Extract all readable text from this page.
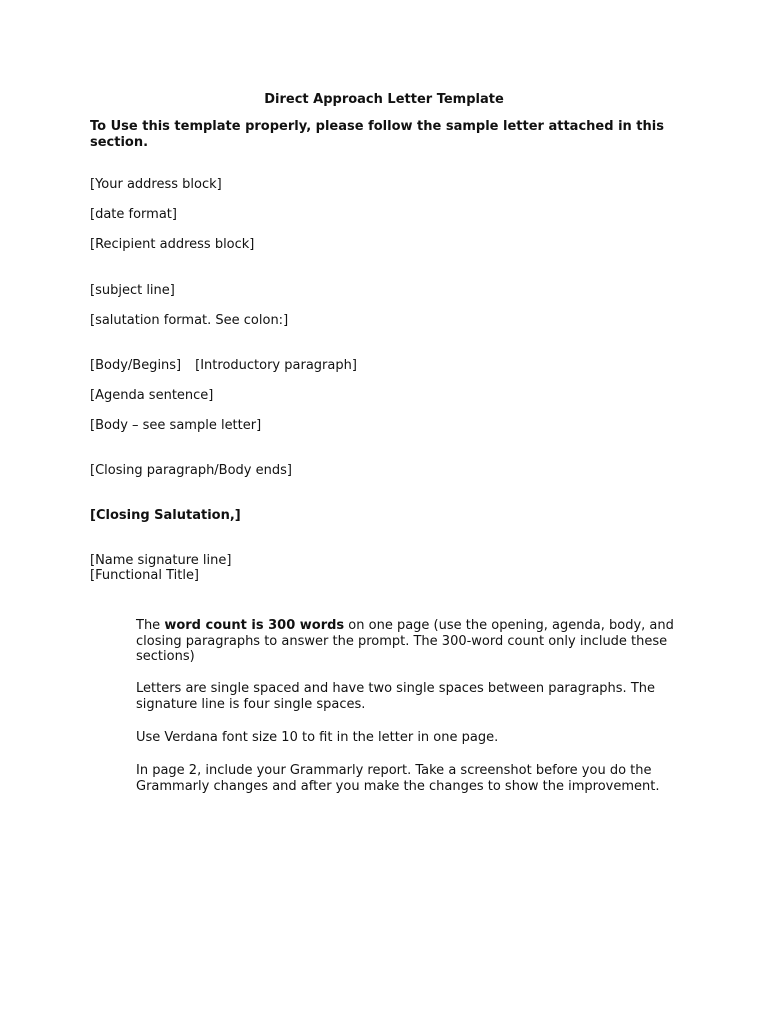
Direct Approach Letter Template
To Use this template properly, please follow the sample letter attached in this section.
[Your address block]
[date format]
[Recipient address block]
[subject line]
[salutation format. See colon:]
[Body/Begins] [Introductory paragraph]
[Agenda sentence]
[Body – see sample letter]
[Closing paragraph/Body ends]
[Closing Salutation,]
[Name signature line]
[Functional Title]

The word count is 300 words on one page (use the opening, agenda, body, and closing paragraphs to answer the prompt. The 300-word count only include these sections)

Letters are single spaced and have two single spaces between paragraphs. The signature line is four single spaces.

Use Verdana font size 10 to fit in the letter in one page.

In page 2, include your Grammarly report. Take a screenshot before you do the Grammarly changes and after you make the changes to show the improvement.
